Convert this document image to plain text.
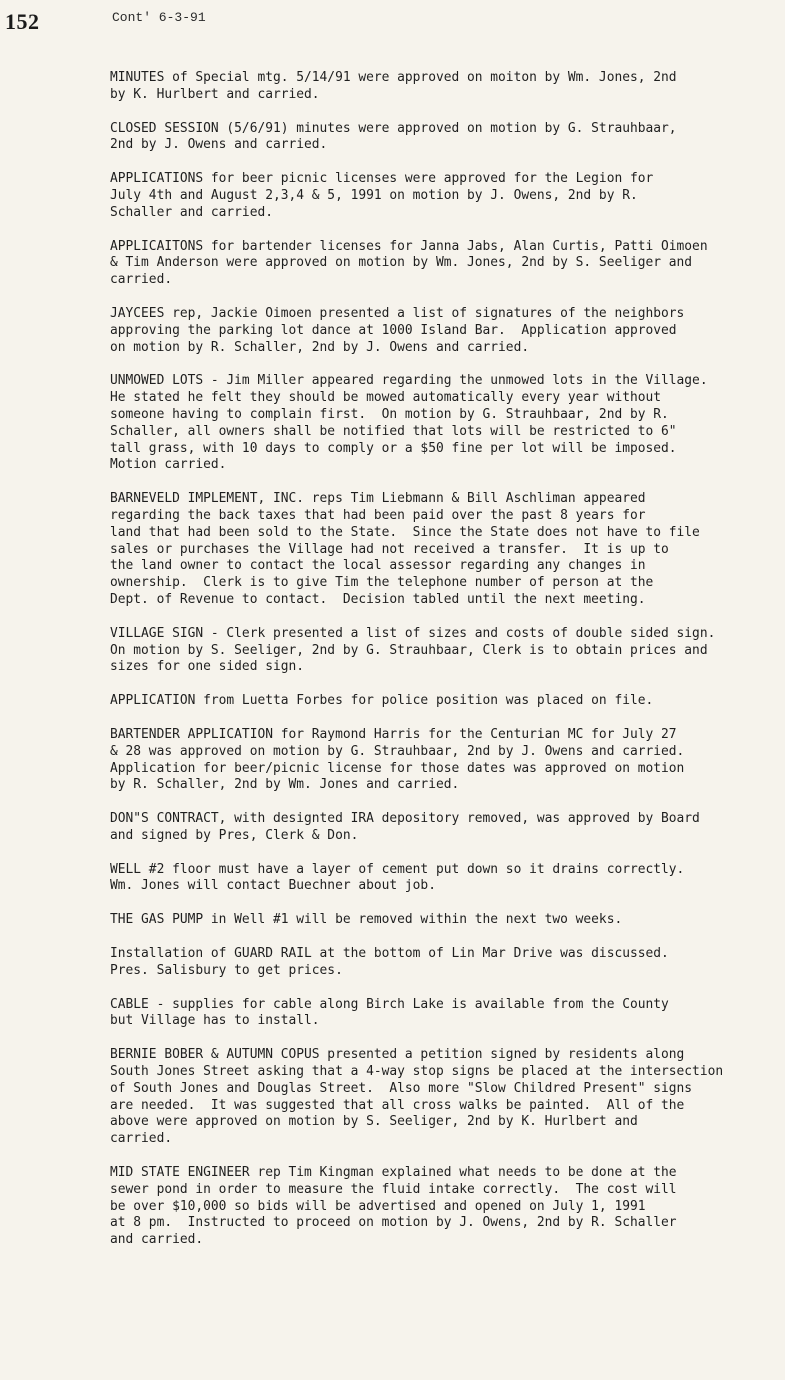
152	Cont' 6-3-91

MINUTES of Special mtg. 5/14/91 were approved on moiton by Wm. Jones, 2nd
by K. Hurlbert and carried.

CLOSED SESSION (5/6/91) minutes were approved on motion by G. Strauhbaar,
2nd by J. Owens and carried.

APPLICATIONS for beer picnic licenses were approved for the Legion for
July 4th and August 2,3,4 & 5, 1991 on motion by J. Owens, 2nd by R.
Schaller and carried.

APPLICAITONS for bartender licenses for Janna Jabs, Alan Curtis, Patti Oimoen
& Tim Anderson were approved on motion by Wm. Jones, 2nd by S. Seeliger and
carried.

JAYCEES rep, Jackie Oimoen presented a list of signatures of the neighbors
approving the parking lot dance at 1000 Island Bar.  Application approved
on motion by R. Schaller, 2nd by J. Owens and carried.

UNMOWED LOTS - Jim Miller appeared regarding the unmowed lots in the Village.
He stated he felt they should be mowed automatically every year without
someone having to complain first.  On motion by G. Strauhbaar, 2nd by R.
Schaller, all owners shall be notified that lots will be restricted to 6"
tall grass, with 10 days to comply or a $50 fine per lot will be imposed.
Motion carried.

BARNEVELD IMPLEMENT, INC. reps Tim Liebmann & Bill Aschliman appeared
regarding the back taxes that had been paid over the past 8 years for
land that had been sold to the State.  Since the State does not have to file
sales or purchases the Village had not received a transfer.  It is up to
the land owner to contact the local assessor regarding any changes in
ownership.  Clerk is to give Tim the telephone number of person at the
Dept. of Revenue to contact.  Decision tabled until the next meeting.

VILLAGE SIGN - Clerk presented a list of sizes and costs of double sided sign.
On motion by S. Seeliger, 2nd by G. Strauhbaar, Clerk is to obtain prices and
sizes for one sided sign.

APPLICATION from Luetta Forbes for police position was placed on file.

BARTENDER APPLICATION for Raymond Harris for the Centurian MC for July 27
& 28 was approved on motion by G. Strauhbaar, 2nd by J. Owens and carried.
Application for beer/picnic license for those dates was approved on motion
by R. Schaller, 2nd by Wm. Jones and carried.

DON"S CONTRACT, with designted IRA depository removed, was approved by Board
and signed by Pres, Clerk & Don.

WELL #2 floor must have a layer of cement put down so it drains correctly.
Wm. Jones will contact Buechner about job.

THE GAS PUMP in Well #1 will be removed within the next two weeks.

Installation of GUARD RAIL at the bottom of Lin Mar Drive was discussed.
Pres. Salisbury to get prices.

CABLE - supplies for cable along Birch Lake is available from the County
but Village has to install.

BERNIE BOBER & AUTUMN COPUS presented a petition signed by residents along
South Jones Street asking that a 4-way stop signs be placed at the intersection
of South Jones and Douglas Street.  Also more "Slow Childred Present" signs
are needed.  It was suggested that all cross walks be painted.  All of the
above were approved on motion by S. Seeliger, 2nd by K. Hurlbert and
carried.

MID STATE ENGINEER rep Tim Kingman explained what needs to be done at the
sewer pond in order to measure the fluid intake correctly.  The cost will
be over $10,000 so bids will be advertised and opened on July 1, 1991
at 8 pm.  Instructed to proceed on motion by J. Owens, 2nd by R. Schaller
and carried.
